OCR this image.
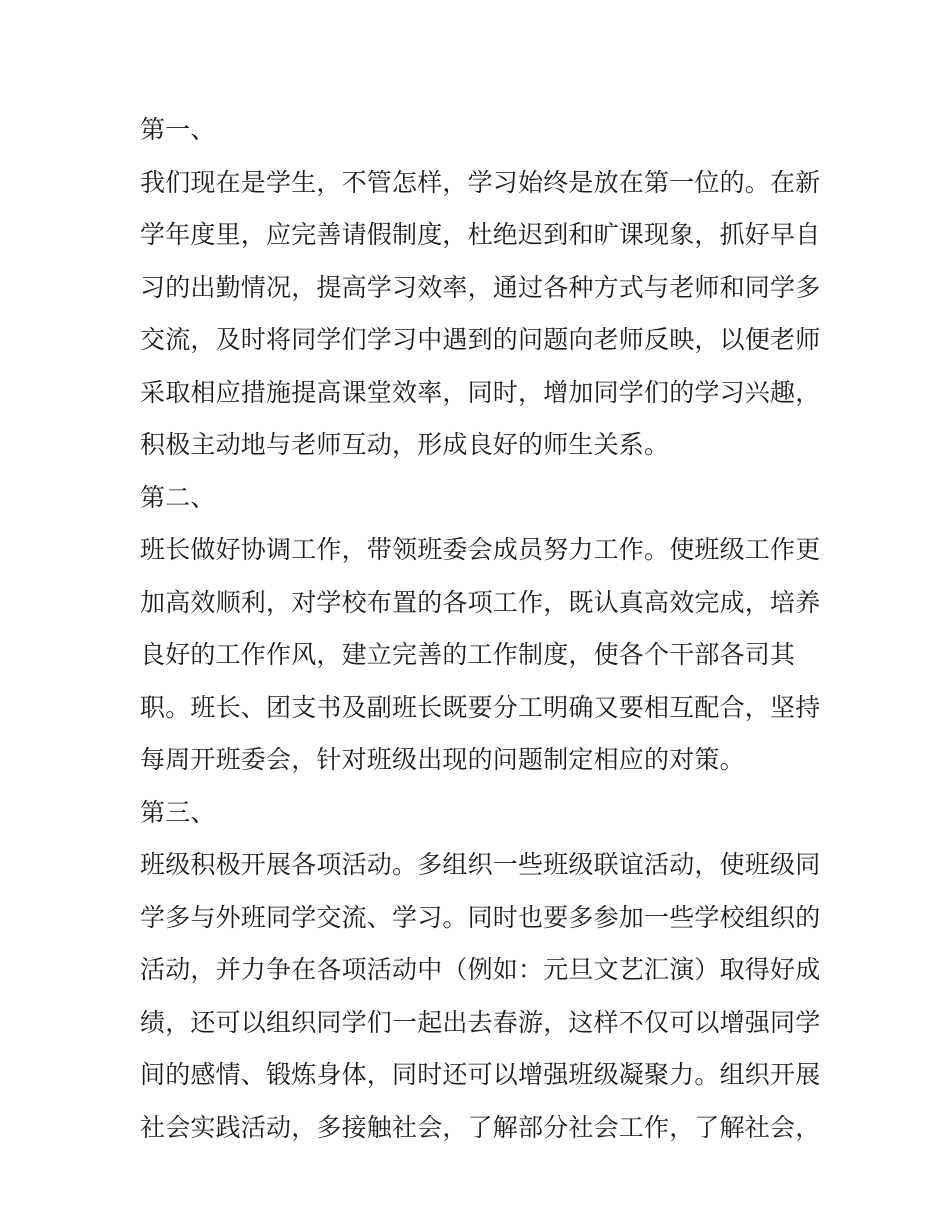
第一、
我们现在是学生，不管怎样，学习始终是放在第一位的。在新
学年度里，应完善请假制度，杜绝迟到和旷课现象，抓好早自
习的出勤情况，提高学习效率，通过各种方式与老师和同学多
交流，及时将同学们学习中遇到的问题向老师反映，以便老师
采取相应措施提高课堂效率，同时，增加同学们的学习兴趣，
积极主动地与老师互动，形成良好的师生关系。
第二、
班长做好协调工作，带领班委会成员努力工作。使班级工作更
加高效顺利，对学校布置的各项工作，既认真高效完成，培养
良好的工作作风，建立完善的工作制度，使各个干部各司其
职。班长、团支书及副班长既要分工明确又要相互配合，坚持
每周开班委会，针对班级出现的问题制定相应的对策。
第三、
班级积极开展各项活动。多组织一些班级联谊活动，使班级同
学多与外班同学交流、学习。同时也要多参加一些学校组织的
活动，并力争在各项活动中（例如：元旦文艺汇演）取得好成
绩，还可以组织同学们一起出去春游，这样不仅可以增强同学
间的感情、锻炼身体，同时还可以增强班级凝聚力。组织开展
社会实践活动，多接触社会，了解部分社会工作，了解社会，
